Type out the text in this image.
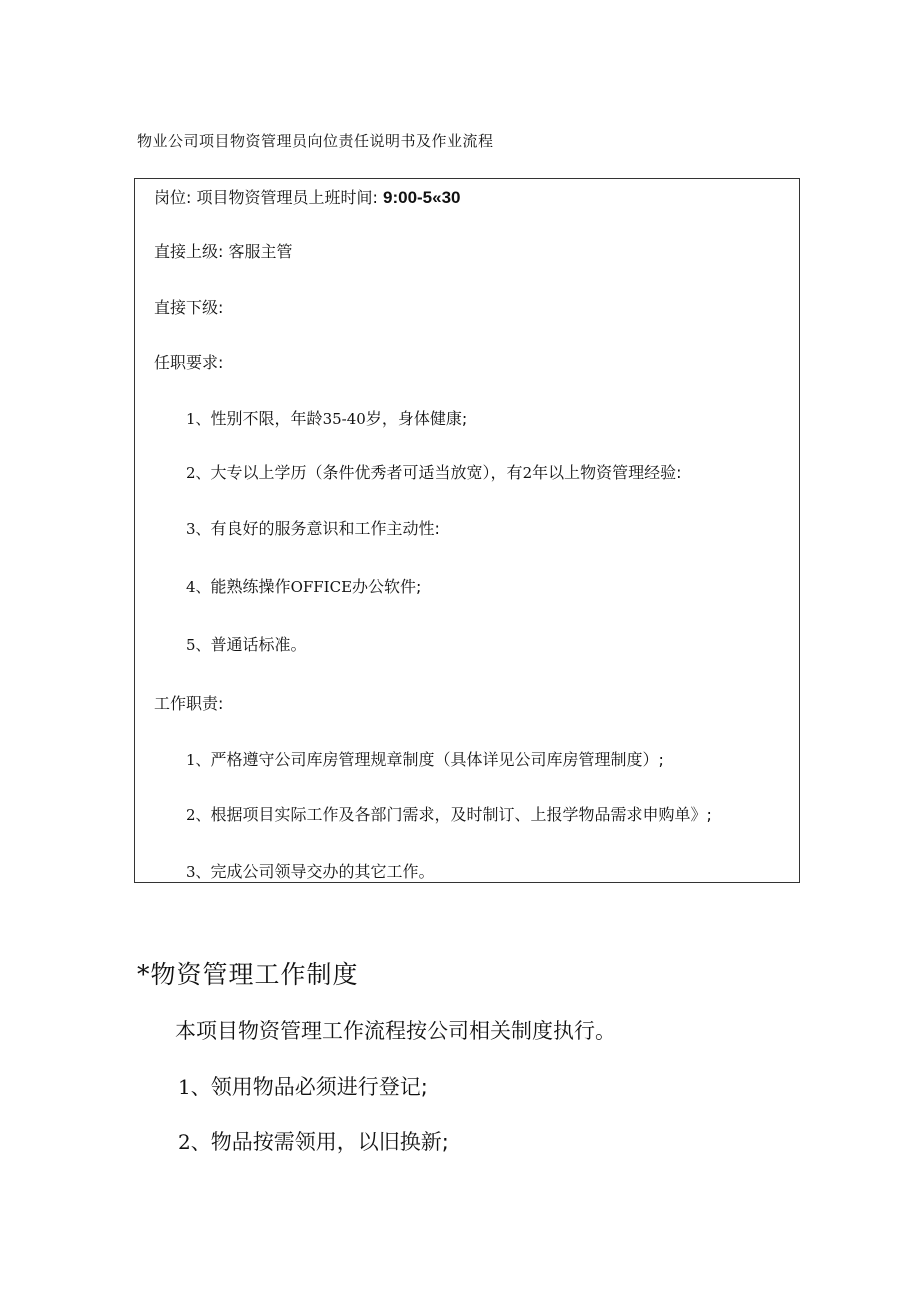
物业公司项目物资管理员向位责任说明书及作业流程
岗位: 项目物资管理员上班时间: 9:00-5«30
直接上级: 客服主管
直接下级:
任职要求:
1、性别不限，年龄35-40岁，身体健康;
2、大专以上学历（条件优秀者可适当放宽），有2年以上物资管理经验:
3、有良好的服务意识和工作主动性:
4、能熟练操作OFFICE办公软件;
5、普通话标准。
工作职责:
1、严格遵守公司库房管理规章制度（具体详见公司库房管理制度）;
2、根据项目实际工作及各部门需求，及时制订、上报学物品需求申购单》;
3、完成公司领导交办的其它工作。
*物资管理工作制度
本项目物资管理工作流程按公司相关制度执行。
1、领用物品必须进行登记;
2、物品按需领用，以旧换新;
